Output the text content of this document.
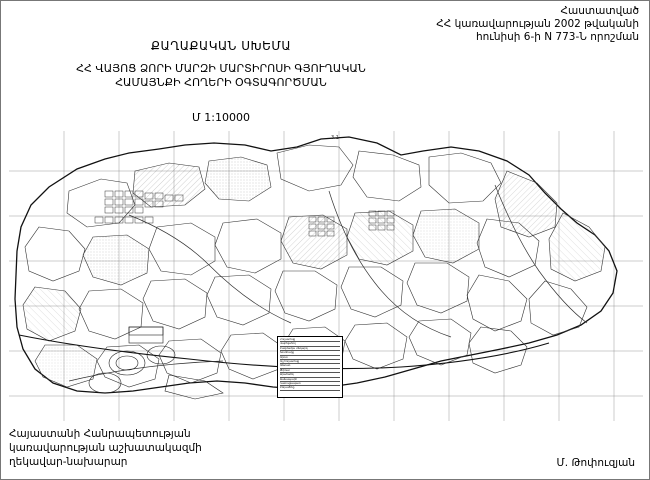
Հաստատված
ՀՀ կառավարության 2002 թվականի
հունիսի 6-ի N 773-Ն որոշման
ՔԱՂԱՔԱԿԱՆ ՍԽԵՄԱ
ՀՀ ՎԱՅՈՑ ՁՈՐԻ ՄԱՐԶԻ ՄԱՐՏԻՐՈՍԻ ԳՅՈՒՂԱԿԱՆ
ՀԱՄԱՅՆՔԻ ՀՈՂԵՐԻ ՕԳՏԱԳՈՐԾՄԱՆ
Մ 1:10000
3.1
Հողատեսք
Վարելահող
Բազմամյա տնկարկ
Խոտհարք
Արոտ
Այլ հողատեսք
Անտառ
Թփուտ
Ջրածածկ
Ճանապարհ
Կառուցապատ
Ընդամենը
Հայաստանի Հանրապետության
կառավարության աշխատակազմի
ղեկավար-նախարար	Մ. Թոփուզյան
